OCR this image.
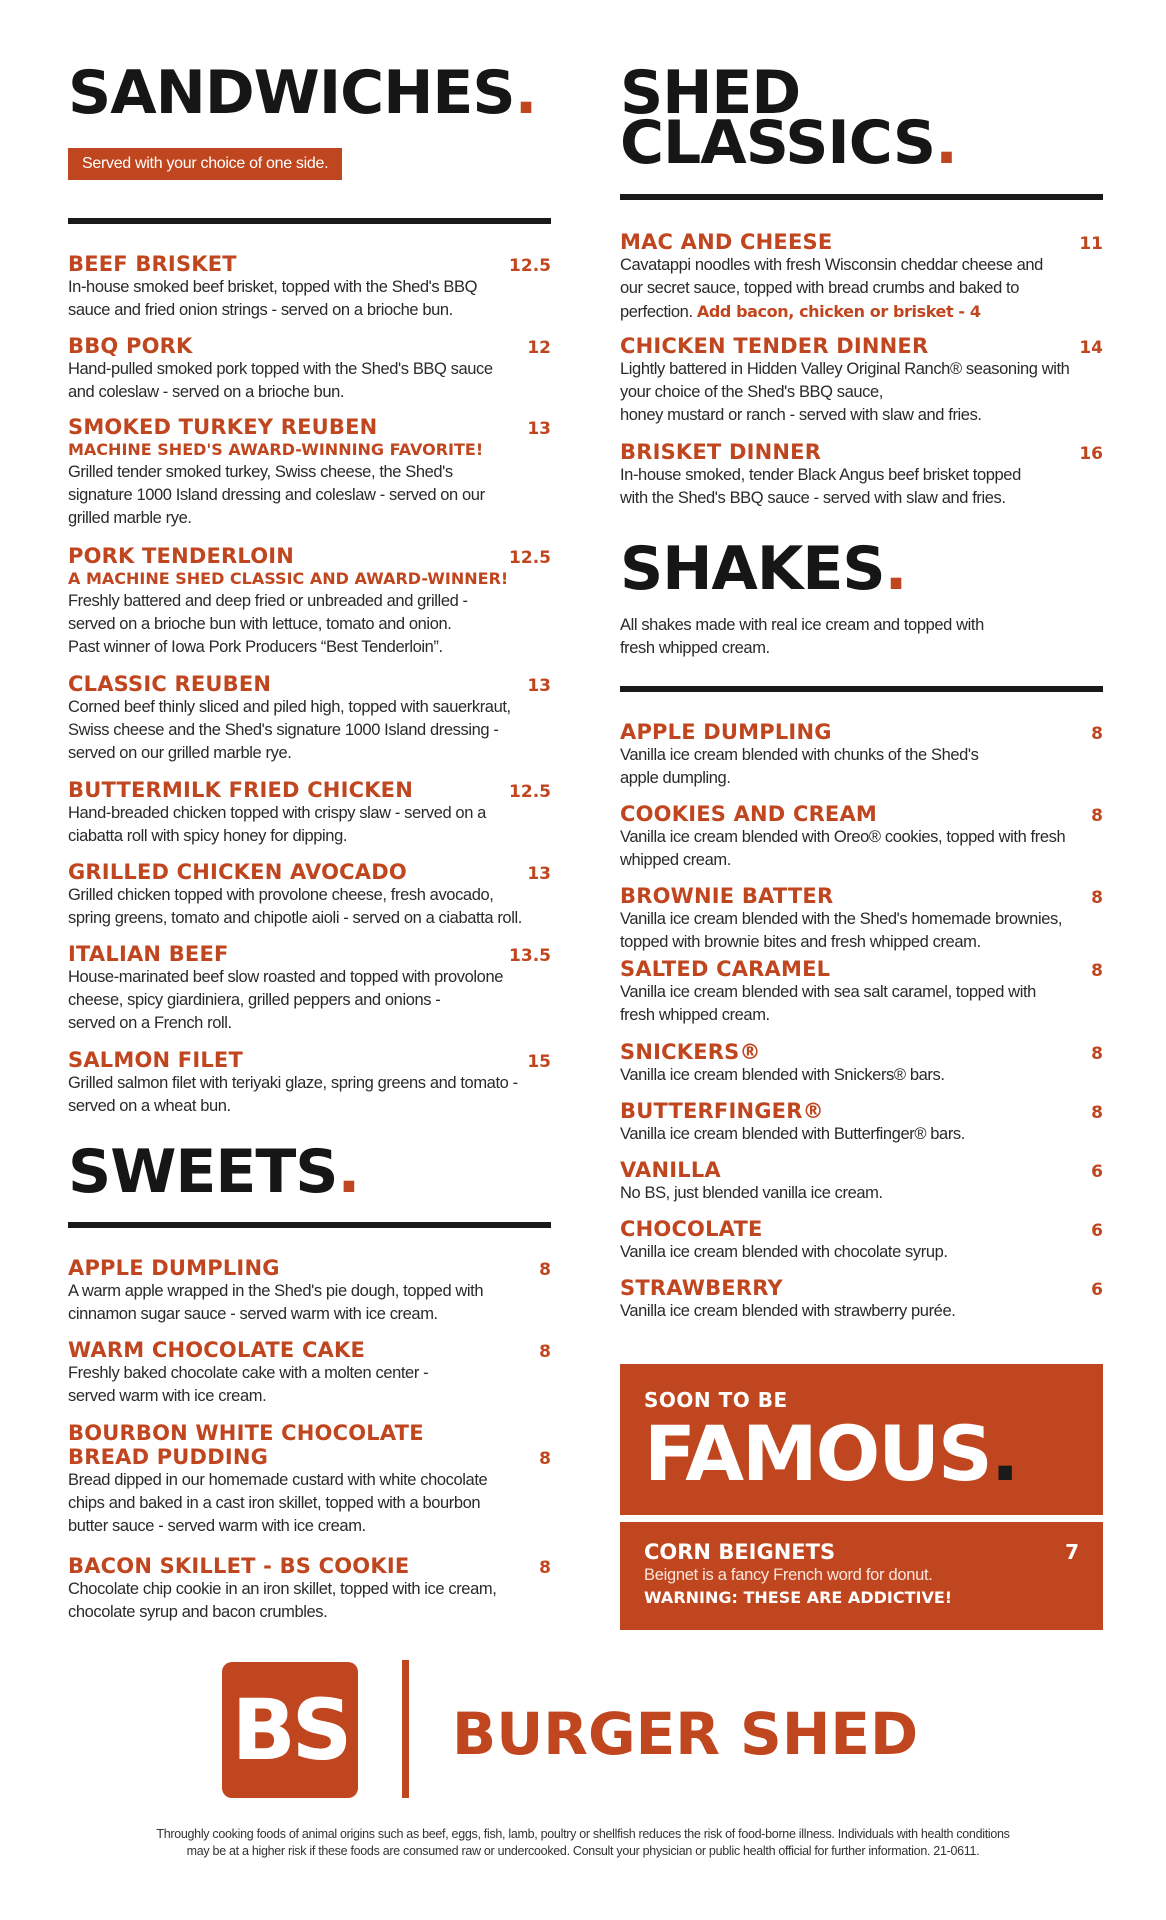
SANDWICHES.
Served with your choice of one side.
BEEF BRISKET	12.5
In-house smoked beef brisket, topped with the Shed's BBQ
sauce and fried onion strings - served on a brioche bun.
BBQ PORK	12
Hand-pulled smoked pork topped with the Shed's BBQ sauce
and coleslaw - served on a brioche bun.
SMOKED TURKEY REUBEN	13
MACHINE SHED'S AWARD-WINNING FAVORITE!
Grilled tender smoked turkey, Swiss cheese, the Shed's
signature 1000 Island dressing and coleslaw - served on our
grilled marble rye.
PORK TENDERLOIN	12.5
A MACHINE SHED CLASSIC AND AWARD-WINNER!
Freshly battered and deep fried or unbreaded and grilled -
served on a brioche bun with lettuce, tomato and onion.
Past winner of Iowa Pork Producers “Best Tenderloin”.
CLASSIC REUBEN	13
Corned beef thinly sliced and piled high, topped with sauerkraut,
Swiss cheese and the Shed's signature 1000 Island dressing -
served on our grilled marble rye.
BUTTERMILK FRIED CHICKEN	12.5
Hand-breaded chicken topped with crispy slaw - served on a
ciabatta roll with spicy honey for dipping.
GRILLED CHICKEN AVOCADO	13
Grilled chicken topped with provolone cheese, fresh avocado,
spring greens, tomato and chipotle aioli - served on a ciabatta roll.
ITALIAN BEEF	13.5
House-marinated beef slow roasted and topped with provolone
cheese, spicy giardiniera, grilled peppers and onions -
served on a French roll.
SALMON FILET	15
Grilled salmon filet with teriyaki glaze, spring greens and tomato -
served on a wheat bun.
SWEETS.
APPLE DUMPLING	8
A warm apple wrapped in the Shed's pie dough, topped with
cinnamon sugar sauce - served warm with ice cream.
WARM CHOCOLATE CAKE	8
Freshly baked chocolate cake with a molten center -
served warm with ice cream.
BOURBON WHITE CHOCOLATE
BREAD PUDDING	8
Bread dipped in our homemade custard with white chocolate
chips and baked in a cast iron skillet, topped with a bourbon
butter sauce - served warm with ice cream.
BACON SKILLET - BS COOKIE	8
Chocolate chip cookie in an iron skillet, topped with ice cream,
chocolate syrup and bacon crumbles.
SHED
CLASSICS.
MAC AND CHEESE	11
Cavatappi noodles with fresh Wisconsin cheddar cheese and
our secret sauce, topped with bread crumbs and baked to
perfection. Add bacon, chicken or brisket - 4
CHICKEN TENDER DINNER	14
Lightly battered in Hidden Valley Original Ranch® seasoning with
your choice of the Shed's BBQ sauce,
honey mustard or ranch - served with slaw and fries.
BRISKET DINNER	16
In-house smoked, tender Black Angus beef brisket topped
with the Shed's BBQ sauce - served with slaw and fries.
SHAKES.
All shakes made with real ice cream and topped with
fresh whipped cream.
APPLE DUMPLING	8
Vanilla ice cream blended with chunks of the Shed's
apple dumpling.
COOKIES AND CREAM	8
Vanilla ice cream blended with Oreo® cookies, topped with fresh
whipped cream.
BROWNIE BATTER	8
Vanilla ice cream blended with the Shed's homemade brownies,
topped with brownie bites and fresh whipped cream.
SALTED CARAMEL	8
Vanilla ice cream blended with sea salt caramel, topped with
fresh whipped cream.
SNICKERS®	8
Vanilla ice cream blended with Snickers® bars.
BUTTERFINGER®	8
Vanilla ice cream blended with Butterfinger® bars.
VANILLA	6
No BS, just blended vanilla ice cream.
CHOCOLATE	6
Vanilla ice cream blended with chocolate syrup.
STRAWBERRY	6
Vanilla ice cream blended with strawberry purée.
SOON TO BE
FAMOUS.
CORN BEIGNETS	7
Beignet is a fancy French word for donut.
WARNING: THESE ARE ADDICTIVE!
BS BURGER SHED
Throughly cooking foods of animal origins such as beef, eggs, fish, lamb, poultry or shellfish reduces the risk of food-borne illness. Individuals with health conditions
may be at a higher risk if these foods are consumed raw or undercooked. Consult your physician or public health official for further information. 21-0611.
